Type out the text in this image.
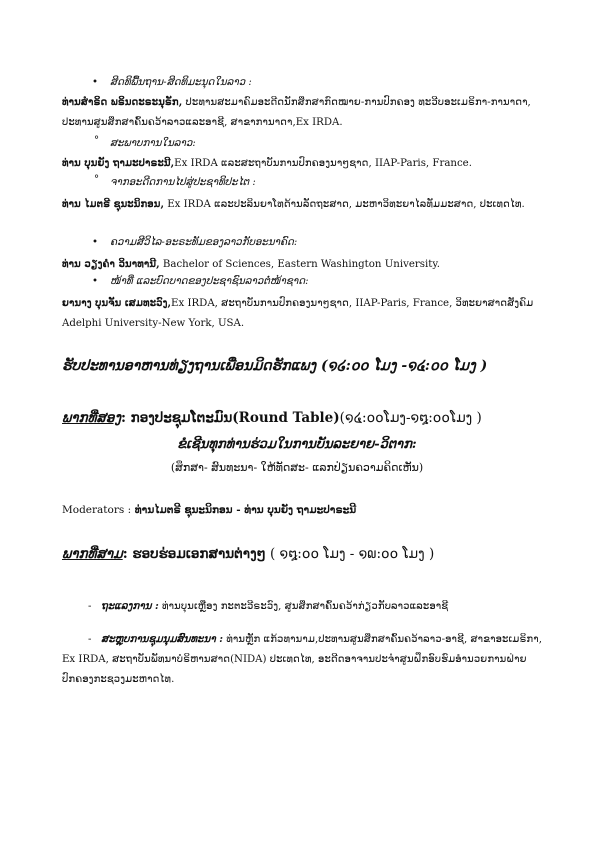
• ສິດທິພື້ນຖານ-ສິດທິມະນຸດໃນລາວ :
ທ່ານສໍາຣິດ ພຣິນດະຣະນຸຣັກ, ປະທານສະມາຄົມອະດີດນັກສຶກສາກົດໝາຍ-ການປົກຄອງ ທະວີບອະເມຣິກາ-ການາດາ, ປະທານສູນສຶກສາຄົ້ນຄວ້າລາວແລະອາຊີ, ສາຂາການາດາ,Ex IRDA.
° ສະພາບການໃນລາວ:
ທ່ານ ບຸນຍັງ ຖາມະປາຣະນີ,Ex IRDA ແລະສະຖາບັນການປົກຄອງນາໆຊາດ, IIAP-Paris, France.
° ຈາກອະດີດການໄປສູ່ປະຊາທິປະໄຕ :
ທ່ານ ໄມຕຣີ ຊຸນະນິກອນ, Ex IRDA ແລະປະລິນຍາໂທດ້ານລັດຖະສາດ, ມະຫາວິທະຍາໄລທັມມະສາດ, ປະເທດໄທ.
• ຄວາມສີວິໄລ-ອະຣະທັມຂອງລາວກັບອະນາຄົດ:
ທ່ານ ວຽງຄໍາ ວິນາທານີ, Bachelor of Sciences, Eastern Washington University.
• ໜ້າທີ່ ແລະບົດບາດຂອງປະຊາຊົນລາວຕໍ່ໜ້າຊາດ:
ຍານາງ ບຸນຈັນ ເສມທະວົງ,Ex IRDA, ສະຖາບັນການປົກຄອງນາໆຊາດ, IIAP-Paris, France, ວິທະຍາສາດສັງຄົມ Adelphi University-New York, USA.
ຮັບປະທານອາຫານທ່ຽງຖານເພື່ອນມິດຮັກແພງ (໑໒:໐໐ ໂມງ -໑໔:໐໐ ໂມງ )
ພາກທີ່ສອງ: ກອງປະຊຸມໂຕະມົນ(Round Table)(໑໔:໐໐ໂມງ-໑໘:໐໐ໂມງ )
ຂໍເຊີນທຸກທ່ານຮ່ວມໃນການບັນລະຍາຍ-ວິຕາກ:
(ສຶກສາ- ສົນທະນາ- ໃຫ້ທັດສະ- ແລກປ່ຽນຄວາມຄິດເຫັນ)
Moderators : ທ່ານໄມຕຣີ ຊຸນະນິກອນ - ທ່ານ ບຸນຍັງ ຖາມະປາຣະນີ
ພາກທີ່ສາມ: ຮອບຮ່ອມເອກສານຕ່າງໆ ( ໑໘:໐໐ ໂມງ - ໑໙:໐໐ ໂມງ )
-   ຖະແລງການ : ທ່ານບຸນເຫຼືອງ ກະຕະວີຣະວົງ, ສູນສຶກສາຄົ້ນຄວ້າກ່ຽວກັບລາວແລະອາຊີ
-   ສະຫຼຸບການຊຸມນຸມສົນທະນາ : ທ່ານຫຼັກ ແກ້ວທານາມ,ປະທານສູນສຶກສາຄົ້ນຄວ້າລາວ-ອາຊີ, ສາຂາອະເມຣິກາ, Ex IRDA, ສະຖາບັນພັທນາບໍຣິຫານສາດ(NIDA) ປະເທດໄທ, ອະດີດອາຈານປະຈໍາສູນຝຶກອົບຮົມອໍານວຍການຝ່າຍປົກຄອງກະຊວງມະຫາດໄທ.
